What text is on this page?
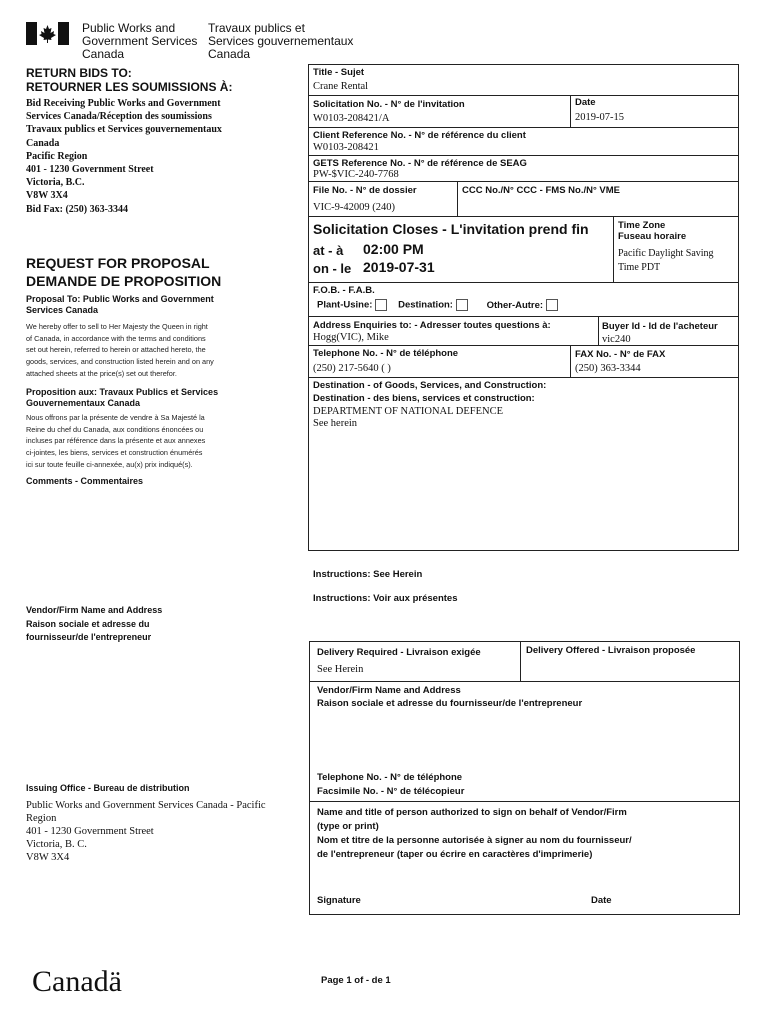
Public Works and
Government Services
Canada
Travaux publics et
Services gouvernementaux
Canada
RETURN BIDS TO:
RETOURNER LES SOUMISSIONS À:
Bid Receiving Public Works and Government
Services Canada/Réception des soumissions
Travaux publics et Services gouvernementaux
Canada
Pacific Region
401 - 1230 Government Street
Victoria, B.C.
V8W 3X4
Bid Fax: (250) 363-3344
REQUEST FOR PROPOSAL
DEMANDE DE PROPOSITION
Proposal To: Public Works and Government
Services Canada
We hereby offer to sell to Her Majesty the Queen in right
of Canada, in accordance with the terms and conditions
set out herein, referred to herein or attached hereto, the
goods, services, and construction listed herein and on any
attached sheets at the price(s) set out therefor.
Proposition aux: Travaux Publics et Services
Gouvernementaux Canada
Nous offrons par la présente de vendre à Sa Majesté la
Reine du chef du Canada, aux conditions énoncées ou
incluses par référence dans la présente et aux annexes
ci-jointes, les biens, services et construction énumérés
ici sur toute feuille ci-annexée, au(x) prix indiqué(s).
Comments - Commentaires
Vendor/Firm Name and Address
Raison sociale et adresse du
fournisseur/de l'entrepreneur
Issuing Office - Bureau de distribution
Public Works and Government Services Canada - Pacific
Region
401 - 1230 Government Street
Victoria, B. C.
V8W 3X4
Title - Sujet
Crane Rental
Solicitation No. - N° de l'invitation
W0103-208421/A
Date
2019-07-15
Client Reference No. - N° de référence du client
W0103-208421
GETS Reference No. - N° de référence de SEAG
PW-$VIC-240-7768
File No. - N° de dossier
VIC-9-42009 (240)
CCC No./N° CCC - FMS No./N° VME
Solicitation Closes - L'invitation prend fin
at - à 02:00 PM
on - le 2019-07-31
Time Zone
Fuseau horaire
Pacific Daylight Saving
Time PDT
F.O.B. - F.A.B.
Plant-Usine:	Destination:	Other-Autre:
Address Enquiries to: - Adresser toutes questions à:
Hogg(VIC), Mike
Buyer Id - Id de l'acheteur
vic240
Telephone No. - N° de téléphone
(250) 217-5640 ( )
FAX No. - N° de FAX
(250) 363-3344
Destination - of Goods, Services, and Construction:
Destination - des biens, services et construction:
DEPARTMENT OF NATIONAL DEFENCE
See herein
Instructions: See Herein
Instructions: Voir aux présentes
Delivery Required - Livraison exigée
See Herein
Delivery Offered - Livraison proposée
Vendor/Firm Name and Address
Raison sociale et adresse du fournisseur/de l'entrepreneur
Telephone No. - N° de téléphone
Facsimile No. - N° de télécopieur
Name and title of person authorized to sign on behalf of Vendor/Firm
(type or print)
Nom et titre de la personne autorisée à signer au nom du fournisseur/
de l'entrepreneur (taper ou écrire en caractères d'imprimerie)
Signature	Date
Canadä	Page 1 of - de 1
